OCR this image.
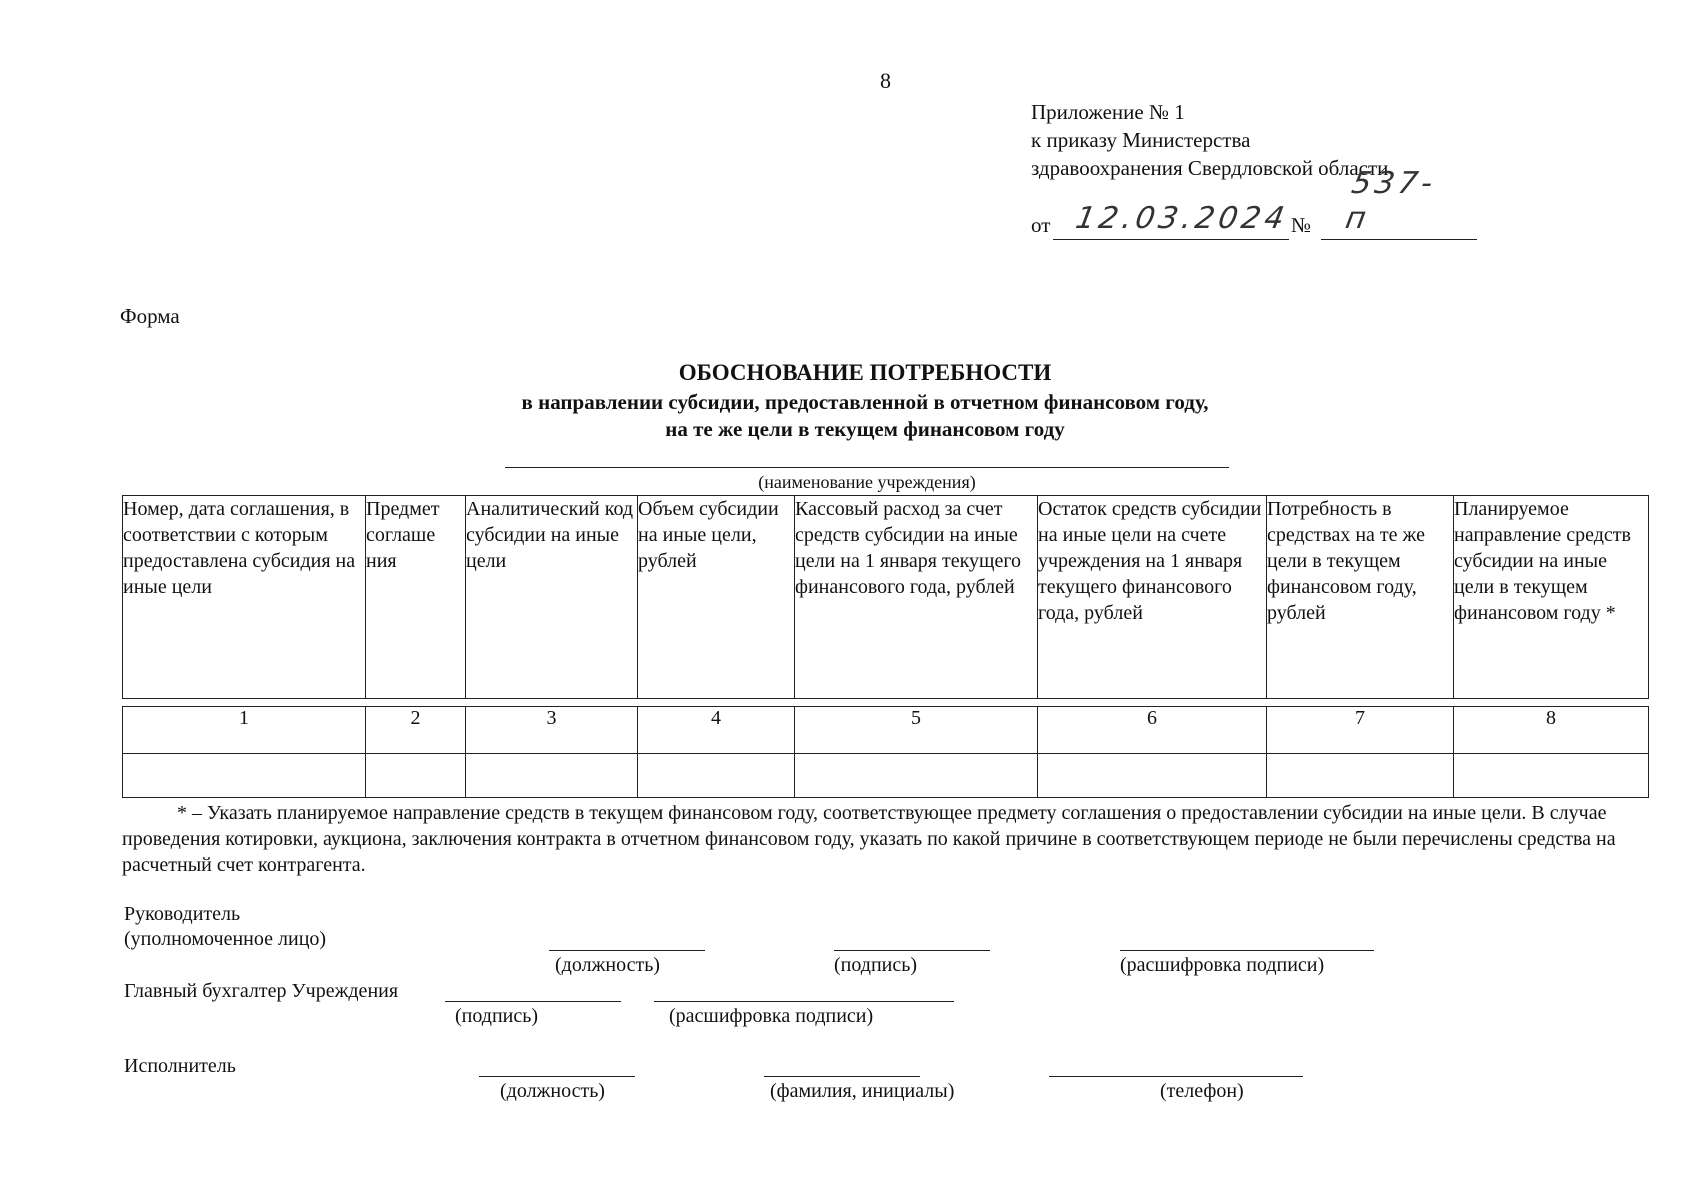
8
Приложение № 1
к приказу Министерства
здравоохранения Свердловской области
от 12.03.2024 №
537-п
Форма
ОБОСНОВАНИЕ ПОТРЕБНОСТИ
в направлении субсидии, предоставленной в отчетном финансовом году,
на те же цели в текущем финансовом году
(наименование учреждения)
Номер, дата соглашения, в соответствии с которым предоставлена субсидия на иные цели	Предмет соглаше ния	Аналитический код субсидии на иные цели	Объем субсидии на иные цели, рублей	Кассовый расход за счет средств субсидии на иные цели на 1 января текущего финансового года, рублей	Остаток средств субсидии на иные цели на счете учреждения на 1 января текущего финансового года, рублей	Потребность в средствах на те же цели в текущем финансовом году, рублей	Планируемое направление средств субсидии на иные цели в текущем финансовом году *
1	2	3	4	5	6	7	8

* – Указать планируемое направление средств в текущем финансовом году, соответствующее предмету соглашения о предоставлении субсидии на иные цели. В случае проведения котировки, аукциона, заключения контракта в отчетном финансовом году, указать по какой причине в соответствующем периоде не были перечислены средства на расчетный счет контрагента.
Руководитель
(уполномоченное лицо)
(должность)	(подпись)	(расшифровка подписи)
Главный бухгалтер Учреждения
(подпись)	(расшифровка подписи)
Исполнитель
(должность)	(фамилия, инициалы)	(телефон)
